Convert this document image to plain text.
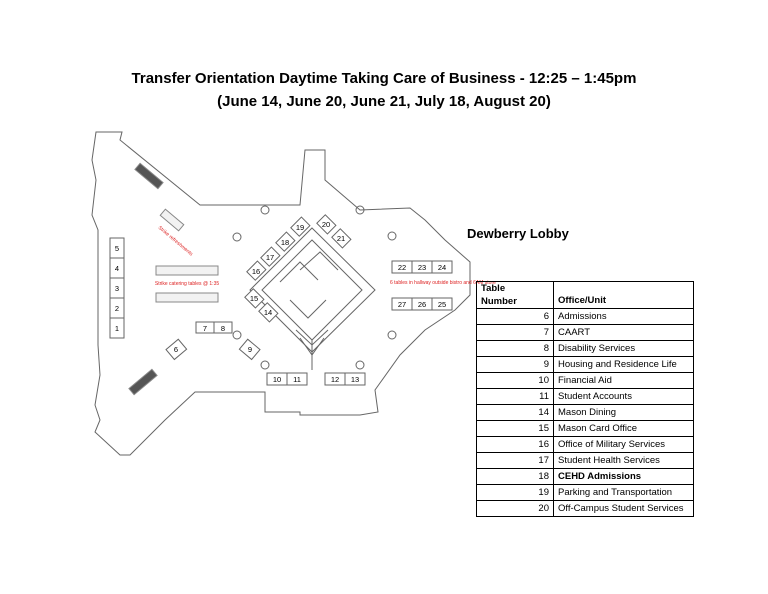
Transfer Orientation Daytime Taking Care of Business - 12:25 – 1:45pm
(June 14, June 20, June 21, July 18, August 20)
1
2
3
4
5
6
7 8
9
10 11	12 13
14
15
16
17
18
19 20
21
22 23 24
25
26
27
Strike catering tables @ 1:35	6 tables in hallway outside bistro and 6AM store
Strike refreshments	Dewberry Lobby
Table
Number	Office/Unit
6	Admissions
7	CAART
8	Disability Services
9	Housing and Residence Life
10	Financial Aid
11	Student Accounts
14	Mason Dining
15	Mason Card Office
16	Office of Military Services
17	Student Health Services
18	CEHD Admissions
19	Parking and Transportation
20	Off-Campus Student Services
